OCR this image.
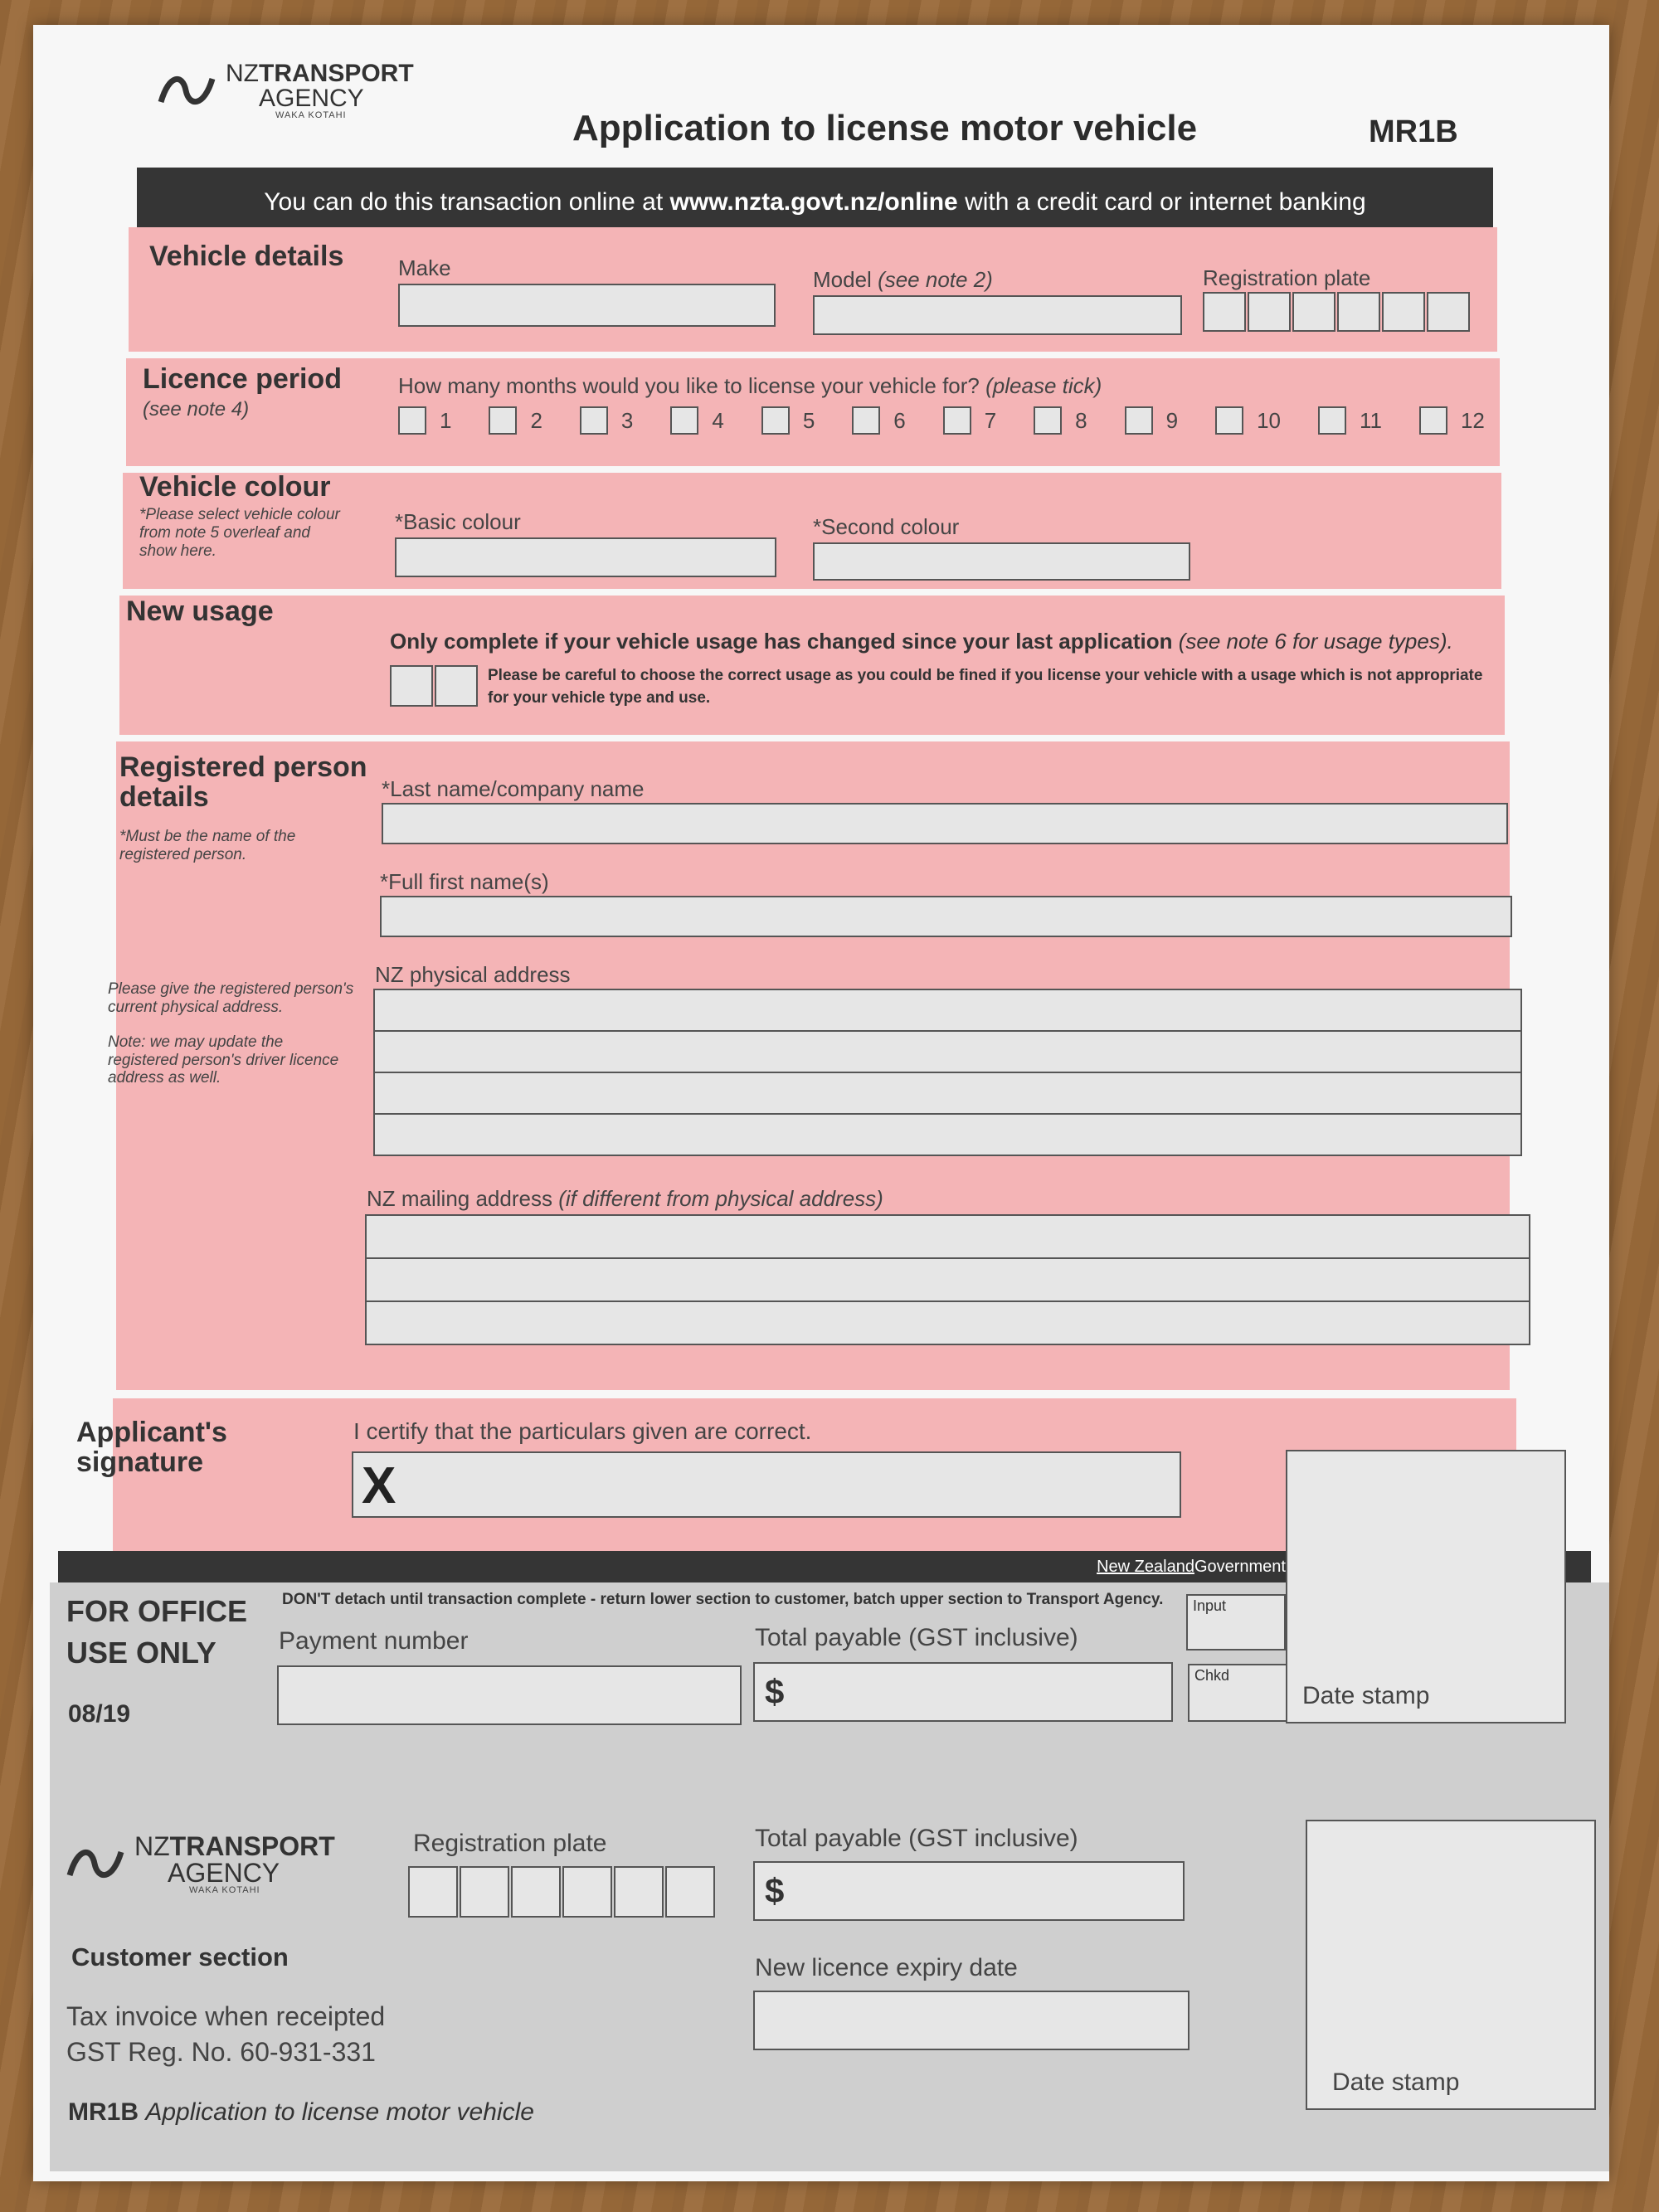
NZTRANSPORT
AGENCY
WAKA KOTAHI	Application to license motor vehicle	MR1B
You can do this transaction online at www.nzta.govt.nz/online with a credit card or internet banking
Vehicle details	Make	Model (see note 2)	Registration plate
Licence period
(see note 4)
How many months would you like to license your vehicle for? (please tick)
1	2	3	4	5	6	7	8	9	10	11	12
Vehicle colour
*Please select vehicle colour from note 5 overleaf and show here.
*Basic colour	*Second colour
New usage
Only complete if your vehicle usage has changed since your last application (see note 6 for usage types).
Please be careful to choose the correct usage as you could be fined if you license your vehicle with a usage which is not appropriate for your vehicle type and use.
Registered person
details
*Must be the name of the registered person.
*Last name/company name
*Full first name(s)
Please give the registered person's current physical address.
Note: we may update the registered person's driver licence address as well.
NZ physical address
NZ mailing address (if different from physical address)
Applicant's
signature
I certify that the particulars given are correct.
X
New ZealandGovernment
Date stamp
FOR OFFICE
USE ONLY
08/19
DON'T detach until transaction complete - return lower section to customer, batch upper section to Transport Agency.
Payment number	Total payable (GST inclusive)
$
Input
Chkd
NZTRANSPORT
AGENCY
WAKA KOTAHI
Customer section
Tax invoice when receipted
GST Reg. No. 60-931-331
MR1B Application to license motor vehicle
Registration plate	Total payable (GST inclusive)
$
New licence expiry date
Date stamp
